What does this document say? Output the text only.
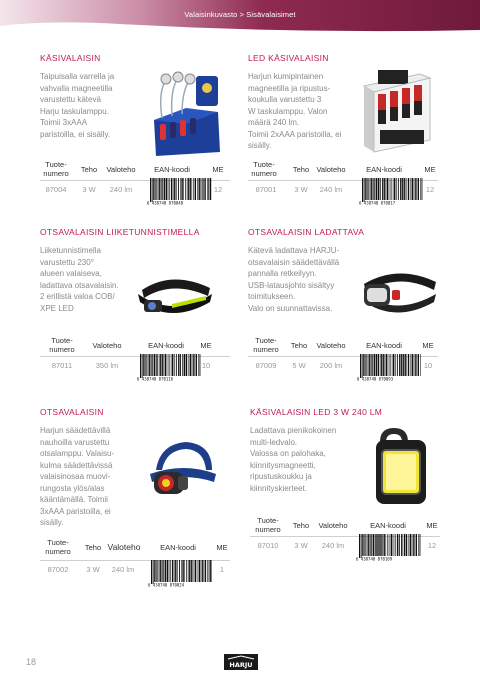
Valaisinkuvasto > Sisävalaisimet
KÄSIVALAISIN
Taipuisalla varrella ja
vahvalla magneetilla
varustettu kätevä
Harju taskulamppu.
Toimii 3xAAA
paristoilla, ei sisälly.
Tuote-
numero	Teho	Valoteho	EAN-koodi	ME
87004	3 W	240 lm	12
6 438740 870048
LED KÄSIVALAISIN
Harjun kumipintainen
magneetilla ja ripustus-
koukulla varustettu 3
W taskulamppu. Valon
määrä 240 lm.
Toimii 2xAAA paristoilla, ei
sisälly.
Tuote-
numero	Teho Valoteho	EAN-koodi	ME
87001	3 W	240 lm	12
6 438740 870017
OTSAVALAISIN LIIKETUNNISTIMELLA
Liiketunnistimella
varustettu 230°
alueen valaiseva,
ladattava otsavalaisin.
2 erillistä valoa COB/
XPE LED
Tuote-
numero	Valoteho	EAN-koodi	ME
87011	350 lm	10
6 438740 870116
OTSAVALAISIN LADATTAVA
Kätevä ladattava HARJU-
otsavalaisin säädettävällä
pannalla retkeilyyn.
USB-latausjohto sisältyy
toimitukseen.
Valo on suunnattavissa.
Tuote-
numero	Teho	Valoteho	EAN-koodi	ME
87009	5 W	200 lm	10
6 438740 870093
OTSAVALAISIN
Harjun säädettävillä
nauhoilla varustettu
otsalamppu. Valaisu-
kulma säädettävissä
valaisinosaa muovi-
rungosta ylös/alas
kääntämällä. Toimii
3xAAA paristoilla, ei
sisälly.
Tuote-
numero	Teho Valoteho	EAN-koodi	ME
87002	3 W	240 lm	1
6 438740 870024
KÄSIVALAISIN LED 3 W 240 LM
Ladattava pienikokoinen
multi-ledvalo.
Valossa on palohaka,
kiinnitysmagneetti,
ripustuskoukku ja
kiinnityskierteet.
Tuote-
numero	Teho	Valoteho	EAN-koodi	ME
87010	3 W	240 lm	12
6 438740 870109
18	HARJU
